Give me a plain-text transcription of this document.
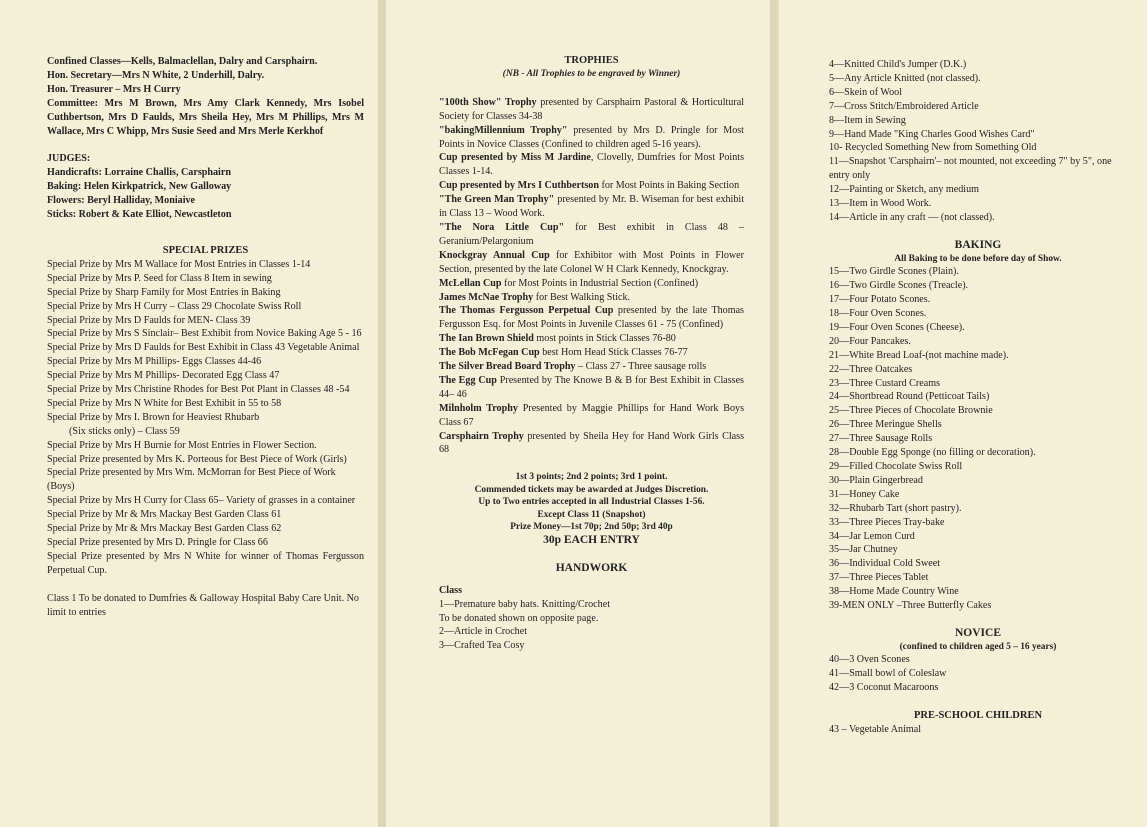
Confined Classes—Kells, Balmaclellan, Dalry and Carsphairn.

Hon. Secretary—Mrs N White, 2 Underhill, Dalry.

Hon. Treasurer – Mrs H Curry

Committee: Mrs M Brown, Mrs Amy Clark Kennedy, Mrs Isobel Cuthbertson, Mrs D Faulds, Mrs Sheila Hey, Mrs M Phillips, Mrs M Wallace, Mrs C Whipp, Mrs Susie Seed and Mrs Merle Kerkhof

JUDGES:

Handicrafts: Lorraine Challis, Carsphairn
Baking: Helen Kirkpatrick, New Galloway
Flowers: Beryl Halliday, Moniaive
Sticks: Robert & Kate Elliot, Newcastleton

SPECIAL PRIZES

Special Prize by Mrs M Wallace for Most Entries in Classes 1-14
Special Prize by Mrs P. Seed for Class 8 Item in sewing
Special Prize by Sharp Family for Most Entries in Baking
Special Prize by Mrs H Curry – Class 29 Chocolate Swiss Roll
Special Prize by Mrs D Faulds for MEN- Class 39
Special Prize by Mrs S Sinclair– Best Exhibit from Novice Baking Age 5 - 16
Special Prize by Mrs D Faulds for Best Exhibit in Class 43 Vegetable Animal
Special Prize by Mrs M Phillips- Eggs Classes 44-46
Special Prize by Mrs M Phillips- Decorated Egg Class 47
Special Prize by Mrs Christine Rhodes for Best Pot Plant in Classes 48 -54
Special Prize by Mrs N White for Best Exhibit in 55 to 58
Special Prize by Mrs I. Brown for Heaviest Rhubarb
(Six sticks only) – Class 59
Special Prize by Mrs H Burnie for Most Entries in Flower Section.
Special Prize presented by Mrs K. Porteous for Best Piece of Work (Girls)
Special Prize presented by Mrs Wm. McMorran for Best Piece of Work (Boys)
Special Prize by Mrs H Curry for Class 65– Variety of grasses in a container
Special Prize by Mr & Mrs Mackay Best Garden Class 61
Special Prize by Mr & Mrs Mackay Best Garden Class 62
Special Prize presented by Mrs D. Pringle for Class 66
Special Prize presented by Mrs N White for winner of Thomas Fergusson Perpetual Cup.

Class 1 To be donated to Dumfries & Galloway Hospital Baby Care Unit. No limit to entries

TROPHIES

(NB - All Trophies to be engraved by Winner)

"100th Show" Trophy presented by Carsphairn Pastoral & Horticultural Society for Classes 34-38
"bakingMillennium Trophy" presented by Mrs D. Pringle for Most Points in Novice Classes (Confined to children aged 5-16 years).
Cup presented by Miss M Jardine, Clovelly, Dumfries for Most Points Classes 1-14.
Cup presented by Mrs I Cuthbertson for Most Points in Baking Section
"The Green Man Trophy" presented by Mr. B. Wiseman for best exhibit in Class 13 – Wood Work.
"The Nora Little Cup" for Best exhibit in Class 48 – Geranium/Pelargonium
Knockgray Annual Cup for Exhibitor with Most Points in Flower Section, presented by the late Colonel W H Clark Kennedy, Knockgray.
McLellan Cup for Most Points in Industrial Section (Confined)
James McNae Trophy for Best Walking Stick.
The Thomas Fergusson Perpetual Cup presented by the late Thomas Fergusson Esq. for Most Points in Juvenile Classes 61 - 75 (Confined)
The Ian Brown Shield most points in Stick Classes 76-80
The Bob McFegan Cup best Horn Head Stick Classes 76-77
The Silver Bread Board Trophy – Class 27 - Three sausage rolls
The Egg Cup Presented by The Knowe B & B for Best Exhibit in Classes 44– 46
Milnholm Trophy Presented by Maggie Phillips for Hand Work Boys Class 67
Carsphairn Trophy presented by Sheila Hey for Hand Work Girls Class 68

1st 3 points; 2nd 2 points; 3rd 1 point.

Commended tickets may be awarded at Judges Discretion.

Up to Two entries accepted in all Industrial Classes 1-56.

Except Class 11 (Snapshot)

Prize Money—1st 70p; 2nd 50p; 3rd 40p

30p EACH ENTRY

HANDWORK

Class

1—Premature baby hats. Knitting/Crochet
To be donated shown on opposite page.
2—Article in Crochet
3—Crafted Tea Cosy
4—Knitted Child's Jumper (D.K.)
5—Any Article Knitted (not classed).
6—Skein of Wool
7—Cross Stitch/Embroidered Article
8—Item in Sewing
9—Hand Made "King Charles Good Wishes Card"
10- Recycled Something New from Something Old
11—Snapshot 'Carsphairn'– not mounted, not exceeding 7" by 5", one entry only
12—Painting or Sketch, any medium
13—Item in Wood Work.
14—Article in any craft — (not classed).

BAKING

All Baking to be done before day of Show.

15—Two Girdle Scones (Plain).
16—Two Girdle Scones (Treacle).
17—Four Potato Scones.
18—Four Oven Scones.
19—Four Oven Scones (Cheese).
20—Four Pancakes.
21—White Bread Loaf-(not machine made).
22—Three Oatcakes
23—Three Custard Creams
24—Shortbread Round (Petticoat Tails)
25—Three Pieces of Chocolate Brownie
26—Three Meringue Shells
27—Three Sausage Rolls
28—Double Egg Sponge (no filling or decoration).
29—Filled Chocolate Swiss Roll
30—Plain Gingerbread
31—Honey Cake
32—Rhubarb Tart (short pastry).
33—Three Pieces Tray-bake
34—Jar Lemon Curd
35—Jar Chutney
36—Individual Cold Sweet
37—Three Pieces Tablet
38—Home Made Country Wine
39-MEN ONLY –Three Butterfly Cakes

NOVICE

(confined to children aged 5 – 16 years)

40—3 Oven Scones
41—Small bowl of Coleslaw
42—3 Coconut Macaroons

PRE-SCHOOL CHILDREN

43 – Vegetable Animal
